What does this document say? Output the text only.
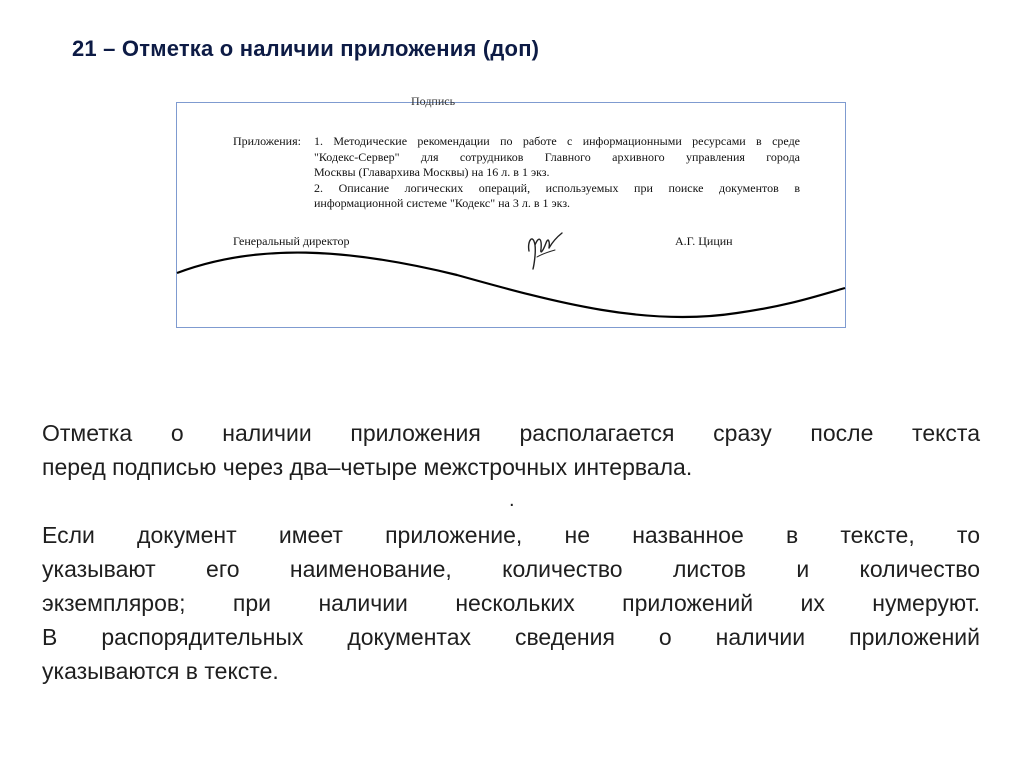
21 – Отметка о наличии приложения (доп)
Подпись
Приложения: 1. Методические рекомендации по работе с информационными ресурсами в среде
"Кодекс-Сервер" для сотрудников Главного архивного управления города
Москвы (Главархива Москвы) на 16 л. в 1 экз.
2. Описание логических операций, используемых при поиске документов в
информационной системе "Кодекс" на 3 л. в 1 экз.
Генеральный директор	А.Г. Цицин
Отметка о наличии приложения располагается сразу после текста
перед подписью через два–четыре межстрочных интервала.
.
Если документ имеет приложение, не названное в тексте, то
указывают его наименование, количество листов и количество
экземпляров; при наличии нескольких приложений их нумеруют.
В распорядительных документах сведения о наличии приложений
указываются в тексте.
